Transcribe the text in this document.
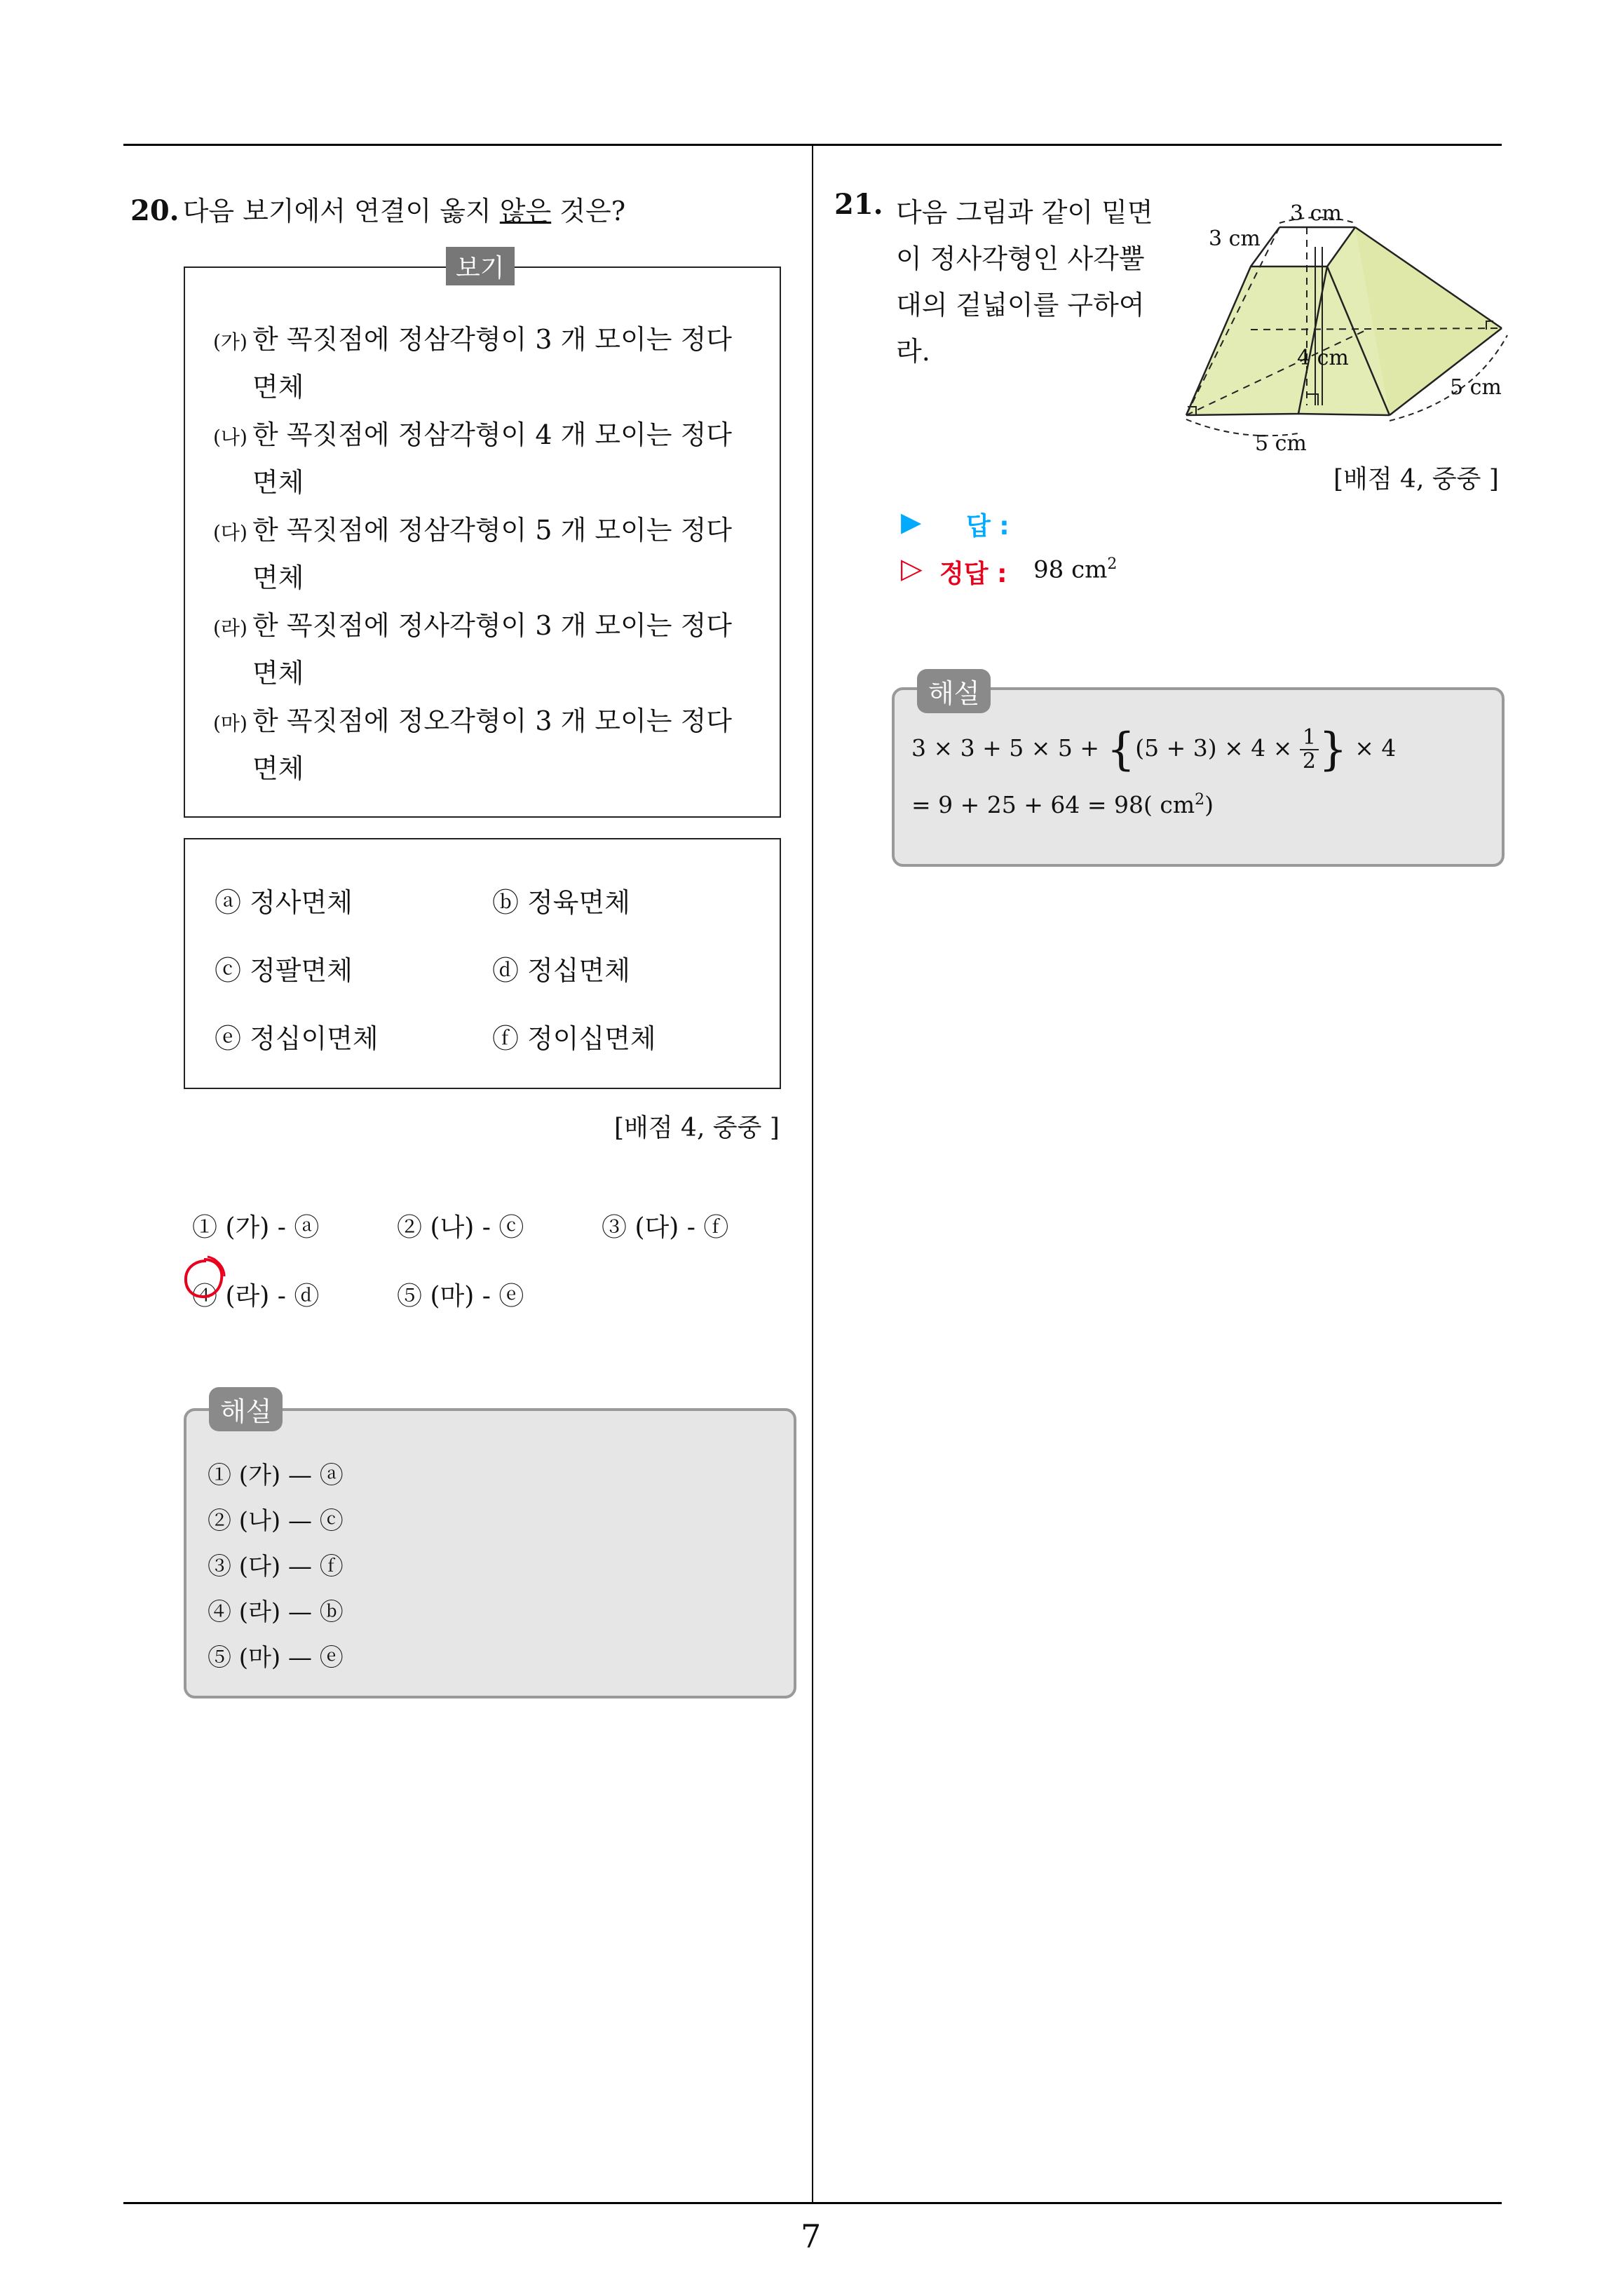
20. 다음 보기에서 연결이 옳지 않은 것은?
보기
(가) 한 꼭짓점에 정삼각형이 3 개 모이는 정다
면체
(나) 한 꼭짓점에 정삼각형이 4 개 모이는 정다
면체
(다) 한 꼭짓점에 정삼각형이 5 개 모이는 정다
면체
(라) 한 꼭짓점에 정사각형이 3 개 모이는 정다
면체
(마) 한 꼭짓점에 정오각형이 3 개 모이는 정다
면체
ⓐ 정사면체	ⓑ 정육면체
ⓒ 정팔면체	ⓓ 정십면체
ⓔ 정십이면체	ⓕ 정이십면체
[배점 4, 중중 ]
① (가) - ⓐ	② (나) - ⓒ	③ (다) - ⓕ
④ (라) - ⓓ	⑤ (마) - ⓔ
해설
① (가) — ⓐ
② (나) — ⓒ
③ (다) — ⓕ
④ (라) — ⓑ
⑤ (마) — ⓔ
21. 다음 그림과 같이 밑면
이 정사각형인 사각뿔
대의 겉넓이를 구하여
라.
3 cm
3 cm
4 cm
5 cm
5 cm
[배점 4, 중중 ]
▶ 답 :
▷ 정답 : 98 $cm^2$
해설
$3 \times 3 + 5 \times 5 + \{(5 + 3) \times 4 \times \frac{1}{2}$ } × 4
= 9 + 25 + 64 = 98( $cm^2$)
7
